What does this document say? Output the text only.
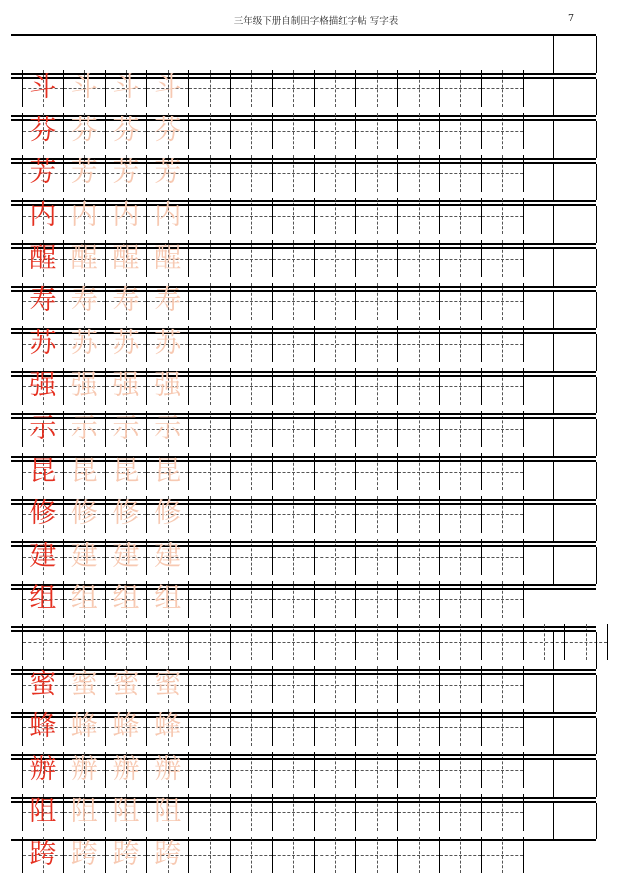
三年级下册自制田字格描红字帖 写字表	7
斗 斗 斗 斗
芬 芬 芬 芬
芳 芳 芳 芳
内 内 内 内
醒 醒 醒 醒
寿 寿 寿 寿
苏 苏 苏 苏
强 强 强 强
示 示 示 示
昆 昆 昆 昆
修 修 修 修
建 建 建 建
组 组 组 组
蜜 蜜 蜜 蜜
蜂 蜂 蜂 蜂
辦 辦 辦 辦
阻 阻 阻 阻
跨 跨 跨 跨
